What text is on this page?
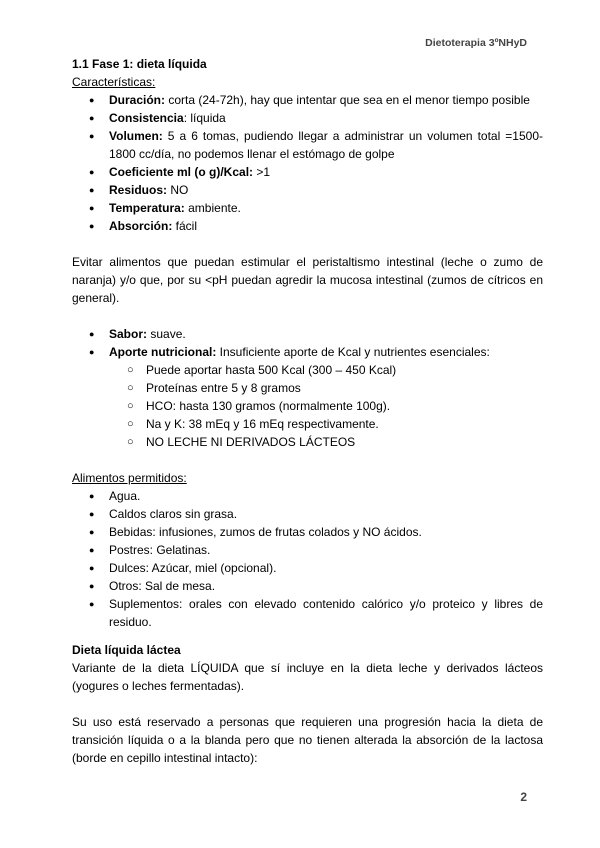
Dietoterapia 3ºNHyD

1.1 Fase 1: dieta líquida

Características:

● Duración: corta (24-72h), hay que intentar que sea en el menor tiempo posible
● Consistencia: líquida
● Volumen: 5 a 6 tomas, pudiendo llegar a administrar un volumen total =1500-1800 cc/día, no podemos llenar el estómago de golpe
● Coeficiente ml (o g)/Kcal: >1
● Residuos: NO
● Temperatura: ambiente.
● Absorción: fácil

Evitar alimentos que puedan estimular el peristaltismo intestinal (leche o zumo de naranja) y/o que, por su <pH puedan agredir la mucosa intestinal (zumos de cítricos en general).

● Sabor: suave.
● Aporte nutricional: Insuficiente aporte de Kcal y nutrientes esenciales:
○ Puede aportar hasta 500 Kcal (300 – 450 Kcal)
○ Proteínas entre 5 y 8 gramos
○ HCO: hasta 130 gramos (normalmente 100g).
○ Na y K: 38 mEq y 16 mEq respectivamente.
○ NO LECHE NI DERIVADOS LÁCTEOS

Alimentos permitidos:

● Agua.
● Caldos claros sin grasa.
● Bebidas: infusiones, zumos de frutas colados y NO ácidos.
● Postres: Gelatinas.
● Dulces: Azúcar, miel (opcional).
● Otros: Sal de mesa.
● Suplementos: orales con elevado contenido calórico y/o proteico y libres de residuo.

Dieta líquida láctea

Variante de la dieta LÍQUIDA que sí incluye en la dieta leche y derivados lácteos (yogures o leches fermentadas).

Su uso está reservado a personas que requieren una progresión hacia la dieta de transición líquida o a la blanda pero que no tienen alterada la absorción de la lactosa (borde en cepillo intestinal intacto):

2
